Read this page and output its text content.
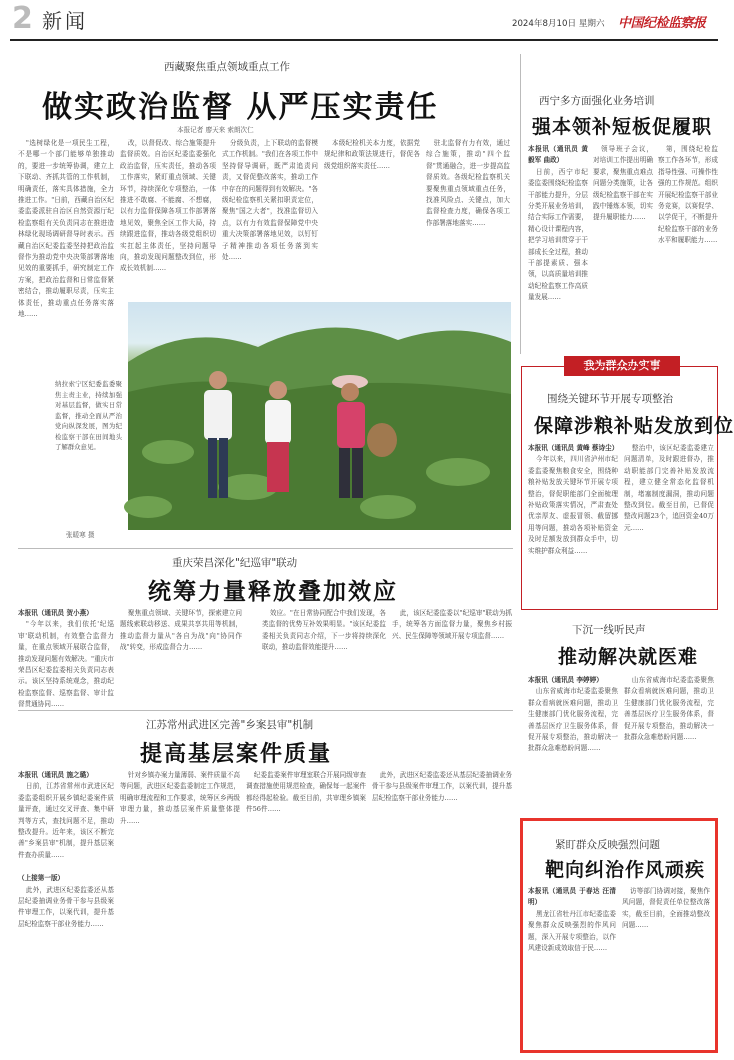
2 新闻	2024年8月10日 星期六 中国纪检监察报
西藏聚焦重点领域重点工作
做实政治监督 从严压实责任
本报记者 廖天来 索朗次仁
"选树绿化是一项民生工程，不是哪一个部门能够单独推动的，要进一步统筹协调，建立上下联动、齐抓共管的工作机制，明确责任，落实具体措施，全力推进工作。"日前，西藏自治区纪委监委派驻自治区自然资源厅纪检监察组有关负责同志在推进造林绿化现场调研督导时表示。西藏自治区纪委监委坚持把政治监督作为推动党中央决策部署落地见效的重要抓手，研究制定工作方案，把政治监督和日常监督紧密结合，推动履职尽责，压实主体责任，推动重点任务落实落地……
改，以督促改、综合施策提升监督质效。自治区纪委监委强化政治监督，压实责任，推动各项工作落实，紧盯重点领域、关键环节，持续深化专项整治，一体推进不敢腐、不能腐、不想腐，以有力监督保障各项工作部署落地见效，聚焦全区工作大局，持续跟进监督，推动各级党组织切实扛起主体责任，坚持问题导向，推动发现问题整改到位，形成长效机制……
分级负责，上下联动的监督模式工作机制。"我们在各项工作中坚持督导调研，既严肃追责问责，又督促整改落实，推动工作中存在的问题得到有效解决。"各级纪检监察机关紧扣职责定位，聚焦"国之大者"，找准监督切入点，以有力有效监督保障党中央重大决策部署落地见效，以钉钉子精神推动各项任务落到实处……
本级纪检机关本力度，依据党规纪律和政策法规进行，督促各级党组织落实责任……
驻北监督有力有效，通过综合施策，推动"四个监督"贯通融合，进一步提高监督质效。各级纪检监察机关要聚焦重点领域重点任务，找准风险点、关键点，加大监督检查力度，确保各项工作部署落地落实……
纳拉索宁区纪委监委聚焦主责主业，持续加强对基层监督，做实日常监督，推动全面从严治党向纵深发展，图为纪检监察干部在田间地头了解群众意见。
张暖寒 摄
西宁多方面强化业务培训
强本领补短板促履职
本报讯（通讯员 黄毅军 曲政）
日前，西宁市纪委监委围绕纪检监察干部能力提升，分层分类开展业务培训，结合实际工作需要，精心设计课程内容，把学习培训贯穿于干部成长全过程，推动干部提素质、强本领，以高质量培训推动纪检监察工作高质量发展……
领导班子会议，对培训工作提出明确要求，聚焦重点难点问题分类施策，让各级纪检监察干部在实践中锤炼本领，切实提升履职能力……
第，围绕纪检监察工作各环节，形成指导性强、可操作性强的工作规范。组织开展纪检监察干部业务竞赛，以赛促学、以学促干，不断提升纪检监察干部的业务水平和履职能力……
我为群众办实事
围绕关键环节开展专项整治
保障涉粮补贴发放到位
本报讯（通讯员 黄峰 蔡诗尘）
今年以来，四川省泸州市纪委监委聚焦粮食安全，围绕种粮补贴发放关键环节开展专项整治，督促职能部门全面梳理补贴政策落实情况，严肃查处优亲厚友、虚报冒领、截留挪用等问题，推动各项补贴资金及时足额发放到群众手中，切实维护群众利益……
整治中，该区纪委监委建立问题清单，及时跟进督办，推动职能部门完善补贴发放流程，建立健全常态化监督机制，堵塞制度漏洞，推动问题整改到位。截至目前，已督促整改问题23个，追回资金40万元……
下沉一线听民声
推动解决就医难
本报讯（通讯员 李婷婷）
山东省威海市纪委监委聚焦群众看病就医难问题，推动卫生健康部门优化服务流程，完善基层医疗卫生服务体系，督促开展专项整治，推动解决一批群众急难愁盼问题……
山东省威海市纪委监委聚焦群众看病就医难问题，推动卫生健康部门优化服务流程，完善基层医疗卫生服务体系，督促开展专项整治，推动解决一批群众急难愁盼问题……
重庆荣昌深化"纪巡审"联动
统筹力量释放叠加效应
本报讯（通讯员 贺小燕）
"今年以来，我们依托'纪巡审'联动机制，有效整合监督力量，在重点领域开展联合监督，推动发现问题有效解决。"重庆市荣昌区纪委监委相关负责同志表示。该区坚持系统观念，推动纪检监察监督、巡察监督、审计监督贯通协同……
聚焦重点领域、关键环节，探索建立问题线索联动移送、成果共享共用等机制，推动监督力量从"各自为战"向"协同作战"转变，形成监督合力……
效应。"在日常协同配合中我们发现，各类监督的优势互补效果明显。"该区纪委监委相关负责同志介绍，下一步将持续深化联动，推动监督效能提升……
此，该区纪委监委以"纪巡审"联动为抓手，统筹各方面监督力量，聚焦乡村振兴、民生保障等领域开展专项监督……
江苏常州武进区完善"乡案县审"机制
提高基层案件质量
本报讯（通讯员 施之璐）
日前，江苏省常州市武进区纪委监委组织开展乡镇纪委案件质量评查，通过交叉评查、集中研判等方式，查找问题不足，推动整改提升。近年来，该区不断完善"乡案县审"机制，提升基层案件查办质量……
（上接第一版）
此外，武进区纪委监委还从基层纪委抽调业务骨干参与县级案件审理工作，以案代训，提升基层纪检监察干部业务能力……
针对乡镇办案力量薄弱、案件质量不高等问题，武进区纪委监委制定工作规范，明确审理流程和工作要求，统筹区乡两级审理力量，推动基层案件质量整体提升……
纪委监委案件审理室联合开展同级审查调查措施使用规范检查，确保每一起案件都经得起检验。截至目前，共审理乡镇案件56件……
此外，武进区纪委监委还从基层纪委抽调业务骨干参与县级案件审理工作，以案代训，提升基层纪检监察干部业务能力……
紧盯群众反映强烈问题
靶向纠治作风顽疾
本报讯（通讯员 于春达 汪清明）
黑龙江省牡丹江市纪委监委聚焦群众反映强烈的作风问题，深入开展专项整治，以作风建设新成效取信于民……
访等部门协调对接，聚焦作风问题，督促责任单位整改落实，截至目前，全面推动整改问题……
